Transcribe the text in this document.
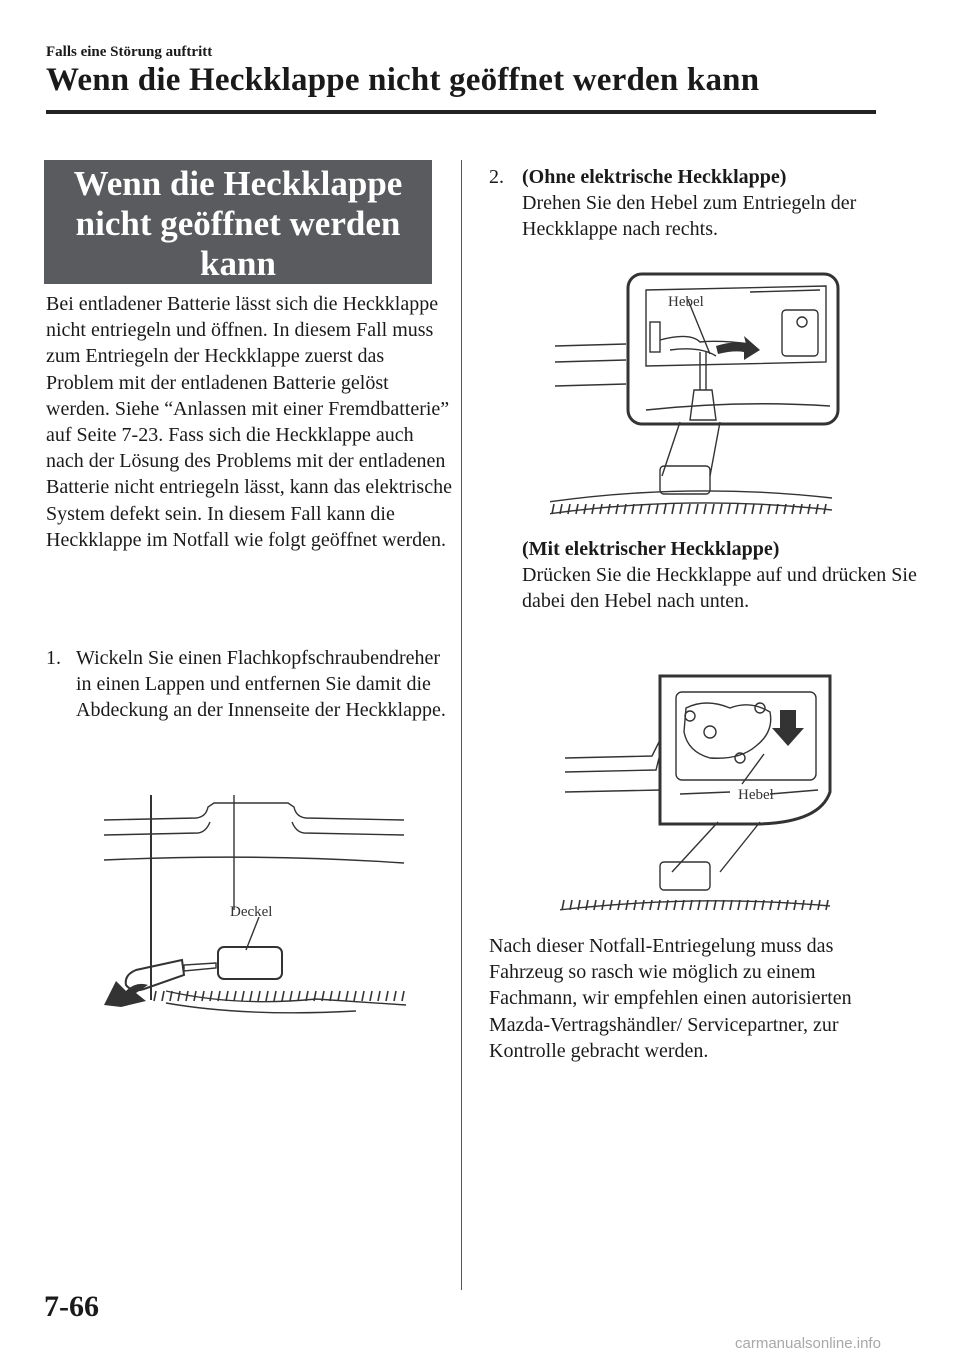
Falls eine Störung auftritt
Wenn die Heckklappe nicht geöffnet werden kann
Wenn die Heckklappe
nicht geöffnet werden
kann
Bei entladener Batterie lässt sich die Heckklappe nicht entriegeln und öffnen. In diesem Fall muss zum Entriegeln der Heckklappe zuerst das Problem mit der entladenen Batterie gelöst werden. Siehe “Anlassen mit einer Fremdbatterie” auf Seite 7-23. Fass sich die Heckklappe auch nach der Lösung des Problems mit der entladenen Batterie nicht entriegeln lässt, kann das elektrische System defekt sein. In diesem Fall kann die Heckklappe im Notfall wie folgt geöffnet werden.
1. Wickeln Sie einen Flachkopfschraubendreher in einen Lappen und entfernen Sie damit die Abdeckung an der Innenseite der Heckklappe.
Deckel
2. (Ohne elektrische Heckklappe)
Drehen Sie den Hebel zum Entriegeln der Heckklappe nach rechts.
Hebel
(Mit elektrischer Heckklappe)
Drücken Sie die Heckklappe auf und drücken Sie dabei den Hebel nach unten.
Hebel
Nach dieser Notfall-Entriegelung muss das Fahrzeug so rasch wie möglich zu einem Fachmann, wir empfehlen einen autorisierten Mazda-Vertragshändler/ Servicepartner, zur Kontrolle gebracht werden.
7-66
carmanualsonline.info
